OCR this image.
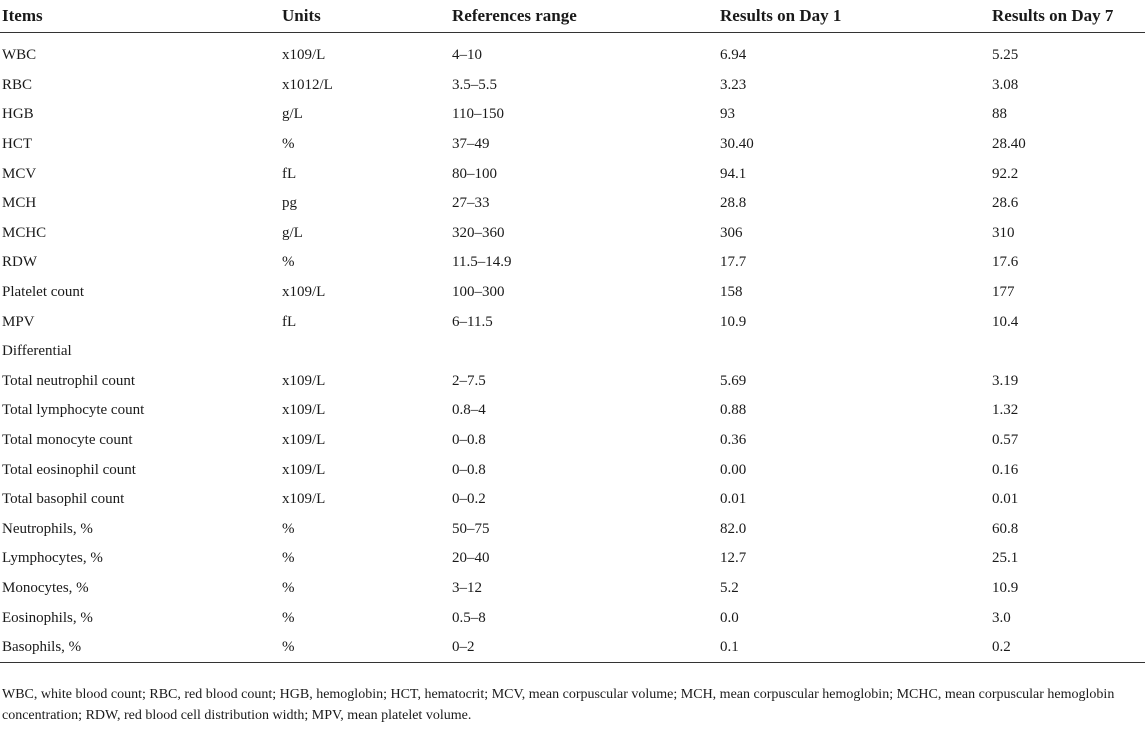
Items	Units	References range	Results on Day 1	Results on Day 7
WBC	x109/L	4–10	6.94	5.25
RBC	x1012/L	3.5–5.5	3.23	3.08
HGB	g/L	110–150	93	88
HCT	%	37–49	30.40	28.40
MCV	fL	80–100	94.1	92.2
MCH	pg	27–33	28.8	28.6
MCHC	g/L	320–360	306	310
RDW	%	11.5–14.9	17.7	17.6
Platelet count	x109/L	100–300	158	177
MPV	fL	6–11.5	10.9	10.4
Differential				
Total neutrophil count	x109/L	2–7.5	5.69	3.19
Total lymphocyte count	x109/L	0.8–4	0.88	1.32
Total monocyte count	x109/L	0–0.8	0.36	0.57
Total eosinophil count	x109/L	0–0.8	0.00	0.16
Total basophil count	x109/L	0–0.2	0.01	0.01
Neutrophils, %	%	50–75	82.0	60.8
Lymphocytes, %	%	20–40	12.7	25.1
Monocytes, %	%	3–12	5.2	10.9
Eosinophils, %	%	0.5–8	0.0	3.0
Basophils, %	%	0–2	0.1	0.2
WBC, white blood count; RBC, red blood count; HGB, hemoglobin; HCT, hematocrit; MCV, mean corpuscular volume; MCH, mean corpuscular hemoglobin; MCHC, mean corpuscular hemoglobin concentration; RDW, red blood cell distribution width; MPV, mean platelet volume.
